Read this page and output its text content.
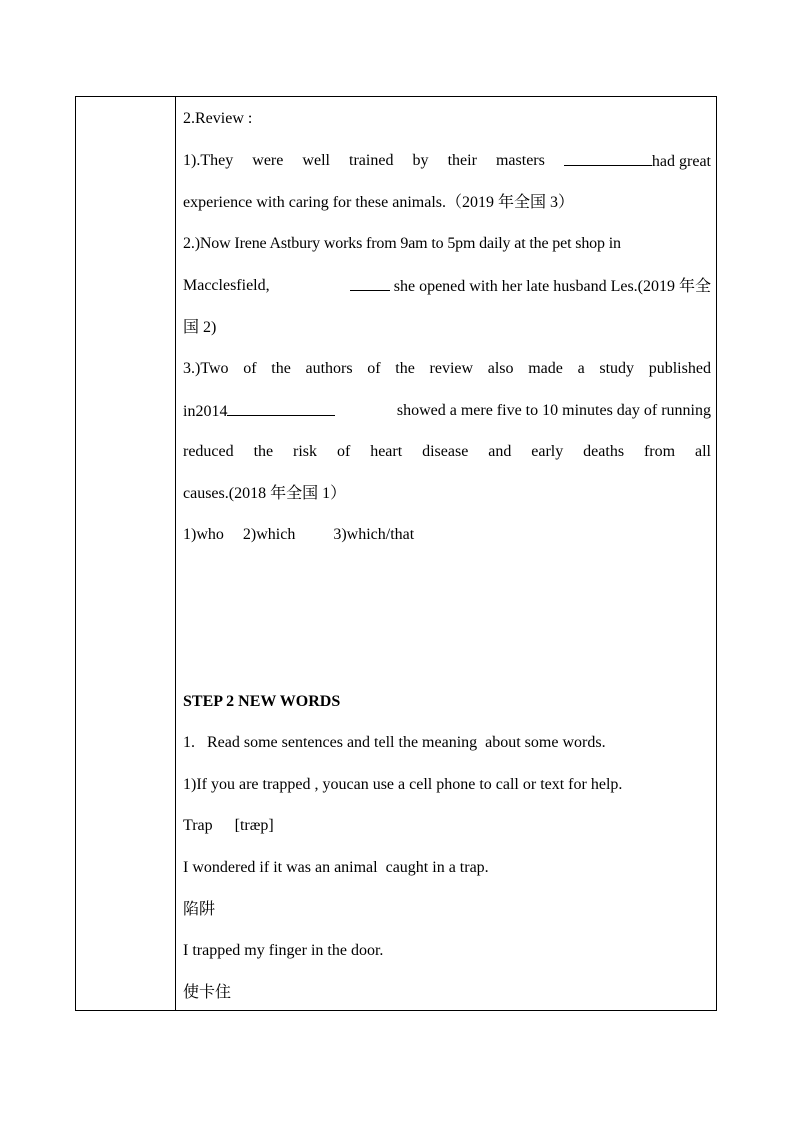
2.Review :
1).They were well trained by their masters	had great
experience with caring for these animals.（2019 年全国 3）
2.)Now Irene Astbury works from 9am to 5pm daily at the pet shop in
Macclesfield,	she opened with her late husband Les.(2019 年全
国 2)
3.)Two of the authors of the review also made a study published
in2014	showed a mere five to 10 minutes day of running
reduced the risk of heart disease and early deaths from all
causes.(2018 年全国 1）
1)who 2)which 3)which/that
STEP 2 NEW WORDS
1.   Read some sentences and tell the meaning  about some words.
1)If you are trapped , youcan use a cell phone to call or text for help.
Trap [træp]
I wondered if it was an animal  caught in a trap.
陷阱
I trapped my finger in the door.
使卡住
